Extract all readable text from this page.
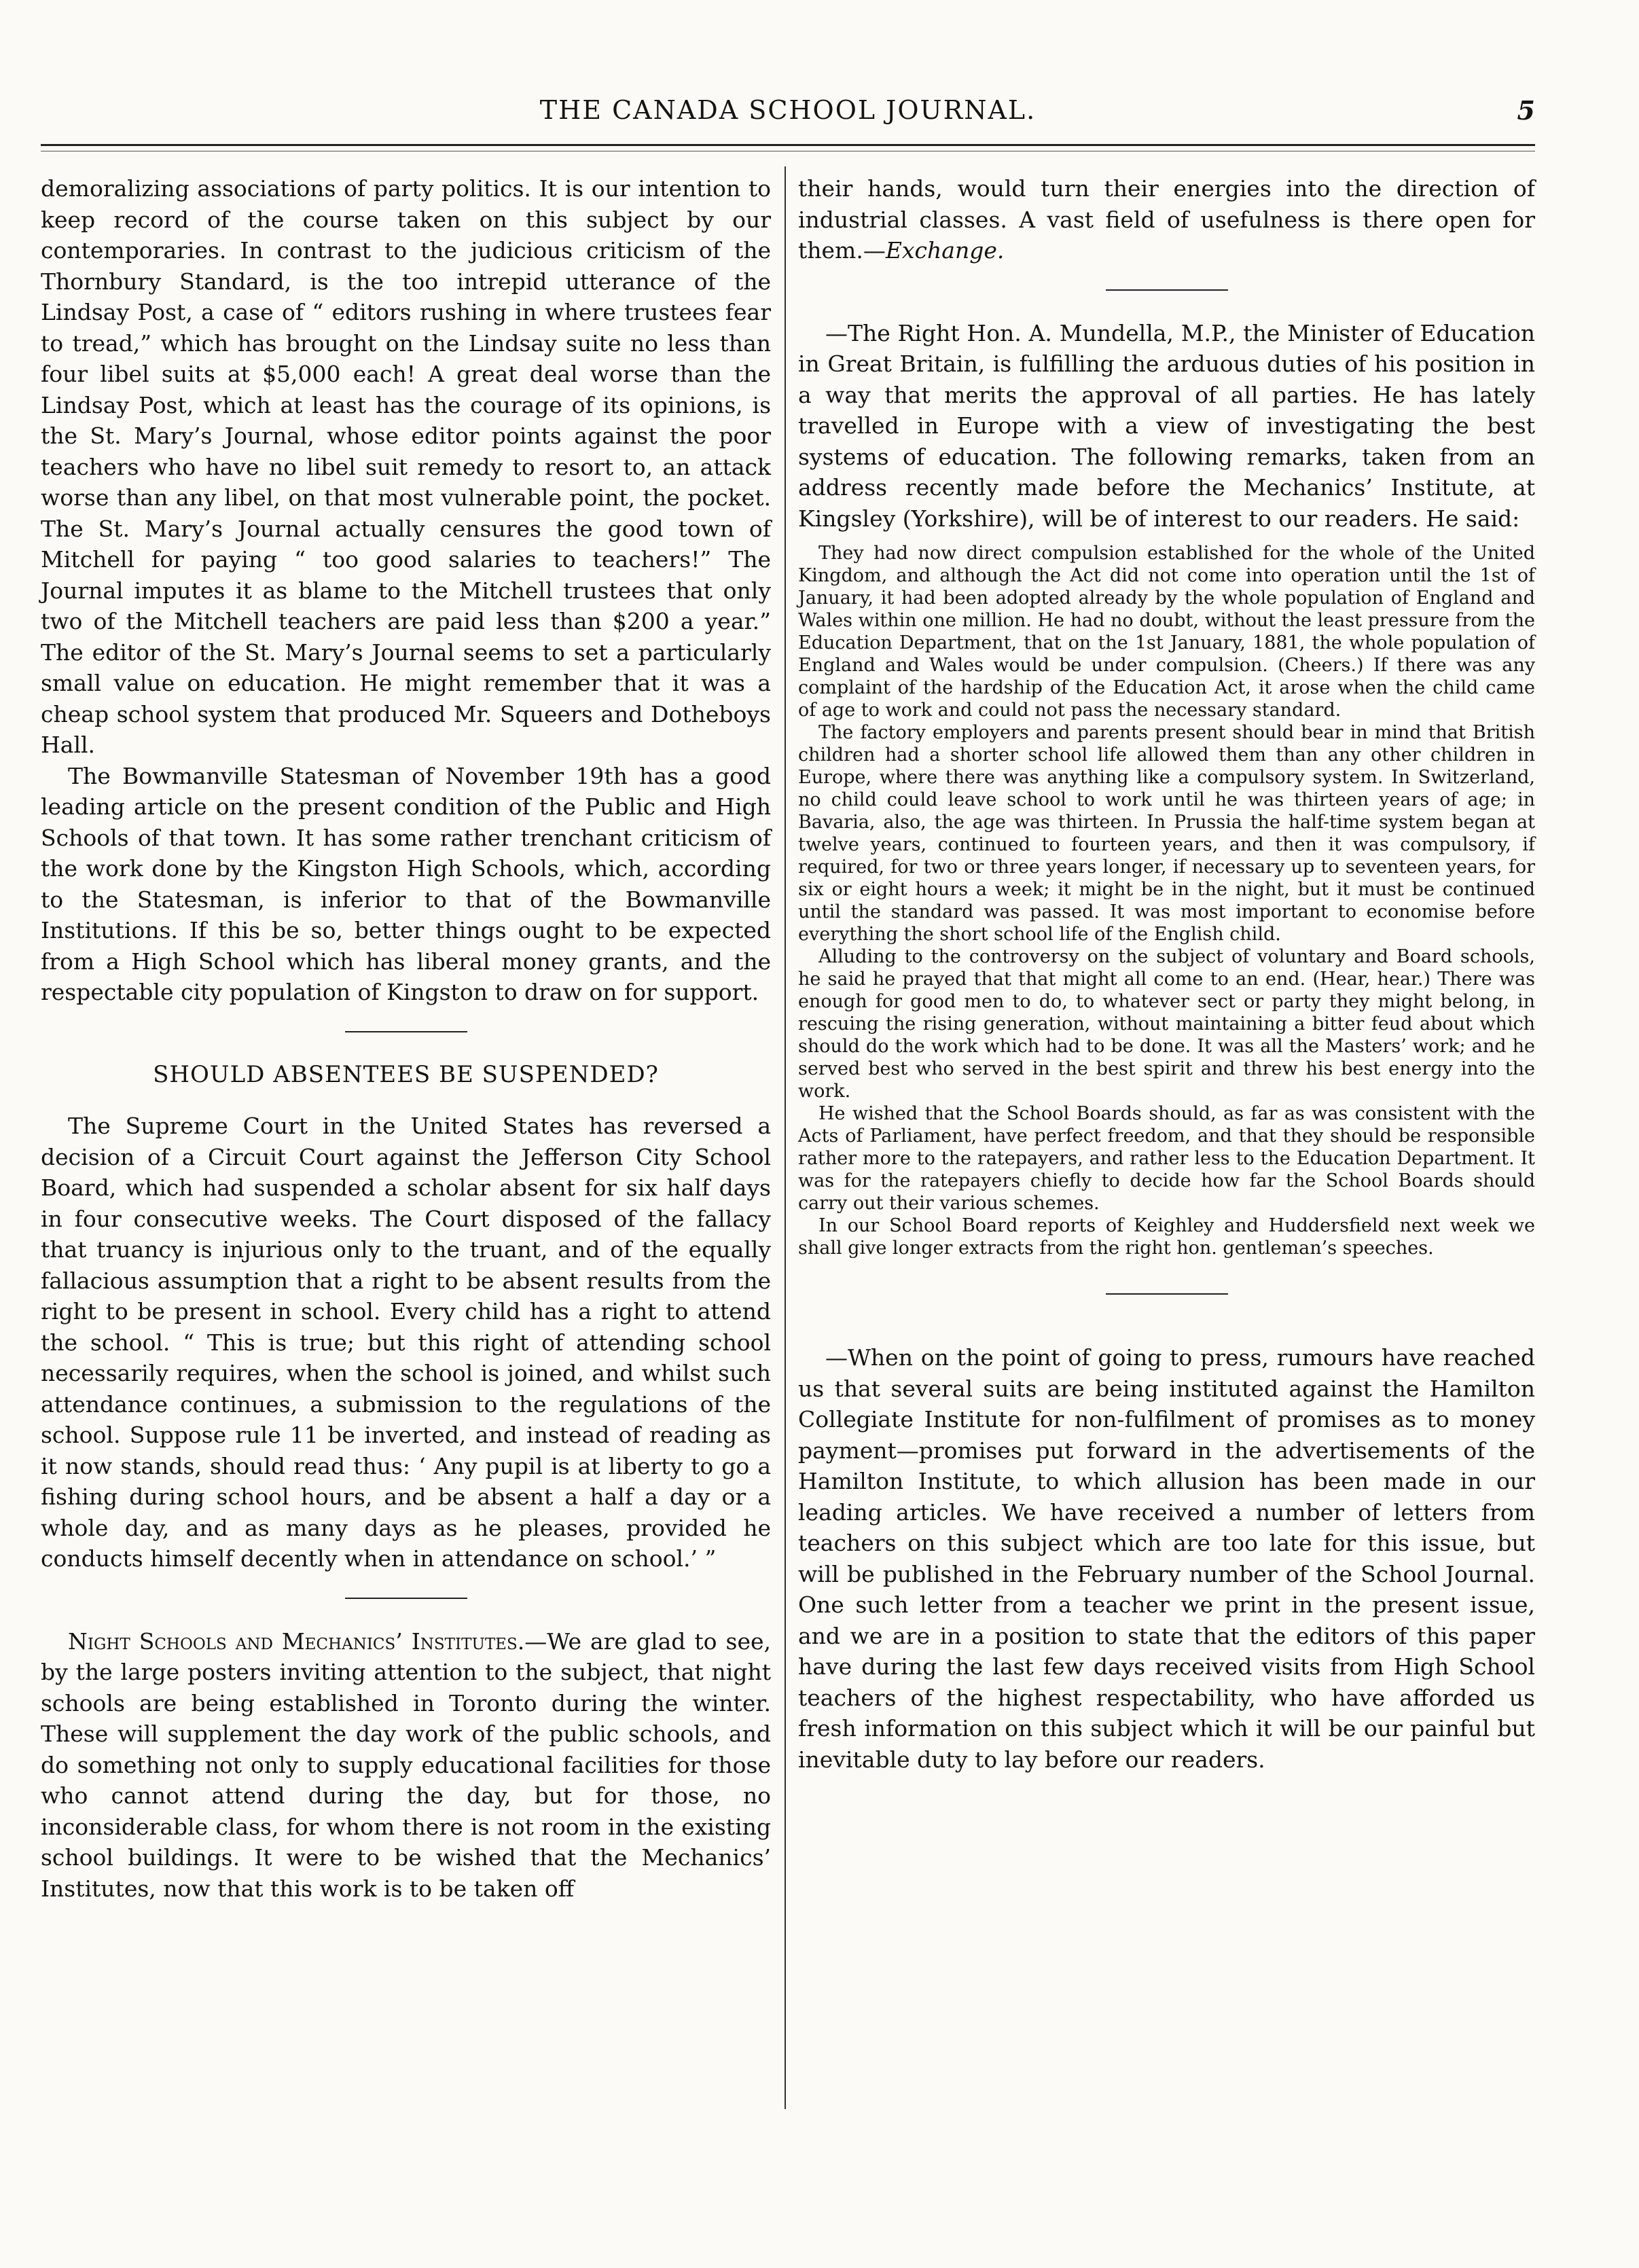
THE CANADA SCHOOL JOURNAL.	5

demoralizing associations of party politics. It is our intention to keep record of the course taken on this subject by our contemporaries. In contrast to the judicious criticism of the Thornbury Standard, is the too intrepid utterance of the Lindsay Post, a case of “ editors rushing in where trustees fear to tread,” which has brought on the Lindsay suite no less than four libel suits at $5,000 each! A great deal worse than the Lindsay Post, which at least has the courage of its opinions, is the St. Mary’s Journal, whose editor points against the poor teachers who have no libel suit remedy to resort to, an attack worse than any libel, on that most vulnerable point, the pocket. The St. Mary’s Journal actually censures the good town of Mitchell for paying “ too good salaries to teachers!” The Journal imputes it as blame to the Mitchell trustees that only two of the Mitchell teachers are paid less than $200 a year.” The editor of the St. Mary’s Journal seems to set a particularly small value on education. He might remember that it was a cheap school system that produced Mr. Squeers and Dotheboys Hall.

The Bowmanville Statesman of November 19th has a good leading article on the present condition of the Public and High Schools of that town. It has some rather trenchant criticism of the work done by the Kingston High Schools, which, according to the Statesman, is inferior to that of the Bowmanville Institutions. If this be so, better things ought to be expected from a High School which has liberal money grants, and the respectable city population of Kingston to draw on for support.

SHOULD ABSENTEES BE SUSPENDED?

The Supreme Court in the United States has reversed a decision of a Circuit Court against the Jefferson City School Board, which had suspended a scholar absent for six half days in four consecutive weeks. The Court disposed of the fallacy that truancy is injurious only to the truant, and of the equally fallacious assumption that a right to be absent results from the right to be present in school. Every child has a right to attend the school. “ This is true; but this right of attending school necessarily requires, when the school is joined, and whilst such attendance continues, a submission to the regulations of the school. Suppose rule 11 be inverted, and instead of reading as it now stands, should read thus: ‘ Any pupil is at liberty to go a fishing during school hours, and be absent a half a day or a whole day, and as many days as he pleases, provided he conducts himself decently when in attendance on school.’ ”

Night Schools and Mechanics’ Institutes.—We are glad to see, by the large posters inviting attention to the subject, that night schools are being established in Toronto during the winter. These will supplement the day work of the public schools, and do something not only to supply educational facilities for those who cannot attend during the day, but for those, no inconsiderable class, for whom there is not room in the existing school buildings. It were to be wished that the Mechanics’ Institutes, now that this work is to be taken off

their hands, would turn their energies into the direction of industrial classes. A vast field of usefulness is there open for them.—Exchange.

—The Right Hon. A. Mundella, M.P., the Minister of Education in Great Britain, is fulfilling the arduous duties of his position in a way that merits the approval of all parties. He has lately travelled in Europe with a view of investigating the best systems of education. The following remarks, taken from an address recently made before the Mechanics’ Institute, at Kingsley (Yorkshire), will be of interest to our readers. He said:

They had now direct compulsion established for the whole of the United Kingdom, and although the Act did not come into operation until the 1st of January, it had been adopted already by the whole population of England and Wales within one million. He had no doubt, without the least pressure from the Education Department, that on the 1st January, 1881, the whole population of England and Wales would be under compulsion. (Cheers.) If there was any complaint of the hardship of the Education Act, it arose when the child came of age to work and could not pass the necessary standard.

The factory employers and parents present should bear in mind that British children had a shorter school life allowed them than any other children in Europe, where there was anything like a compulsory system. In Switzerland, no child could leave school to work until he was thirteen years of age; in Bavaria, also, the age was thirteen. In Prussia the half-time system began at twelve years, continued to fourteen years, and then it was compulsory, if required, for two or three years longer, if necessary up to seventeen years, for six or eight hours a week; it might be in the night, but it must be continued until the standard was passed. It was most important to economise before everything the short school life of the English child.

Alluding to the controversy on the subject of voluntary and Board schools, he said he prayed that that might all come to an end. (Hear, hear.) There was enough for good men to do, to whatever sect or party they might belong, in rescuing the rising generation, without maintaining a bitter feud about which should do the work which had to be done. It was all the Masters’ work; and he served best who served in the best spirit and threw his best energy into the work.

He wished that the School Boards should, as far as was consistent with the Acts of Parliament, have perfect freedom, and that they should be responsible rather more to the ratepayers, and rather less to the Education Department. It was for the ratepayers chiefly to decide how far the School Boards should carry out their various schemes.

In our School Board reports of Keighley and Huddersfield next week we shall give longer extracts from the right hon. gentleman’s speeches.

—When on the point of going to press, rumours have reached us that several suits are being instituted against the Hamilton Collegiate Institute for non-fulfilment of promises as to money payment—promises put forward in the advertisements of the Hamilton Institute, to which allusion has been made in our leading articles. We have received a number of letters from teachers on this subject which are too late for this issue, but will be published in the February number of the School Journal. One such letter from a teacher we print in the present issue, and we are in a position to state that the editors of this paper have during the last few days received visits from High School teachers of the highest respectability, who have afforded us fresh information on this subject which it will be our painful but inevitable duty to lay before our readers.
